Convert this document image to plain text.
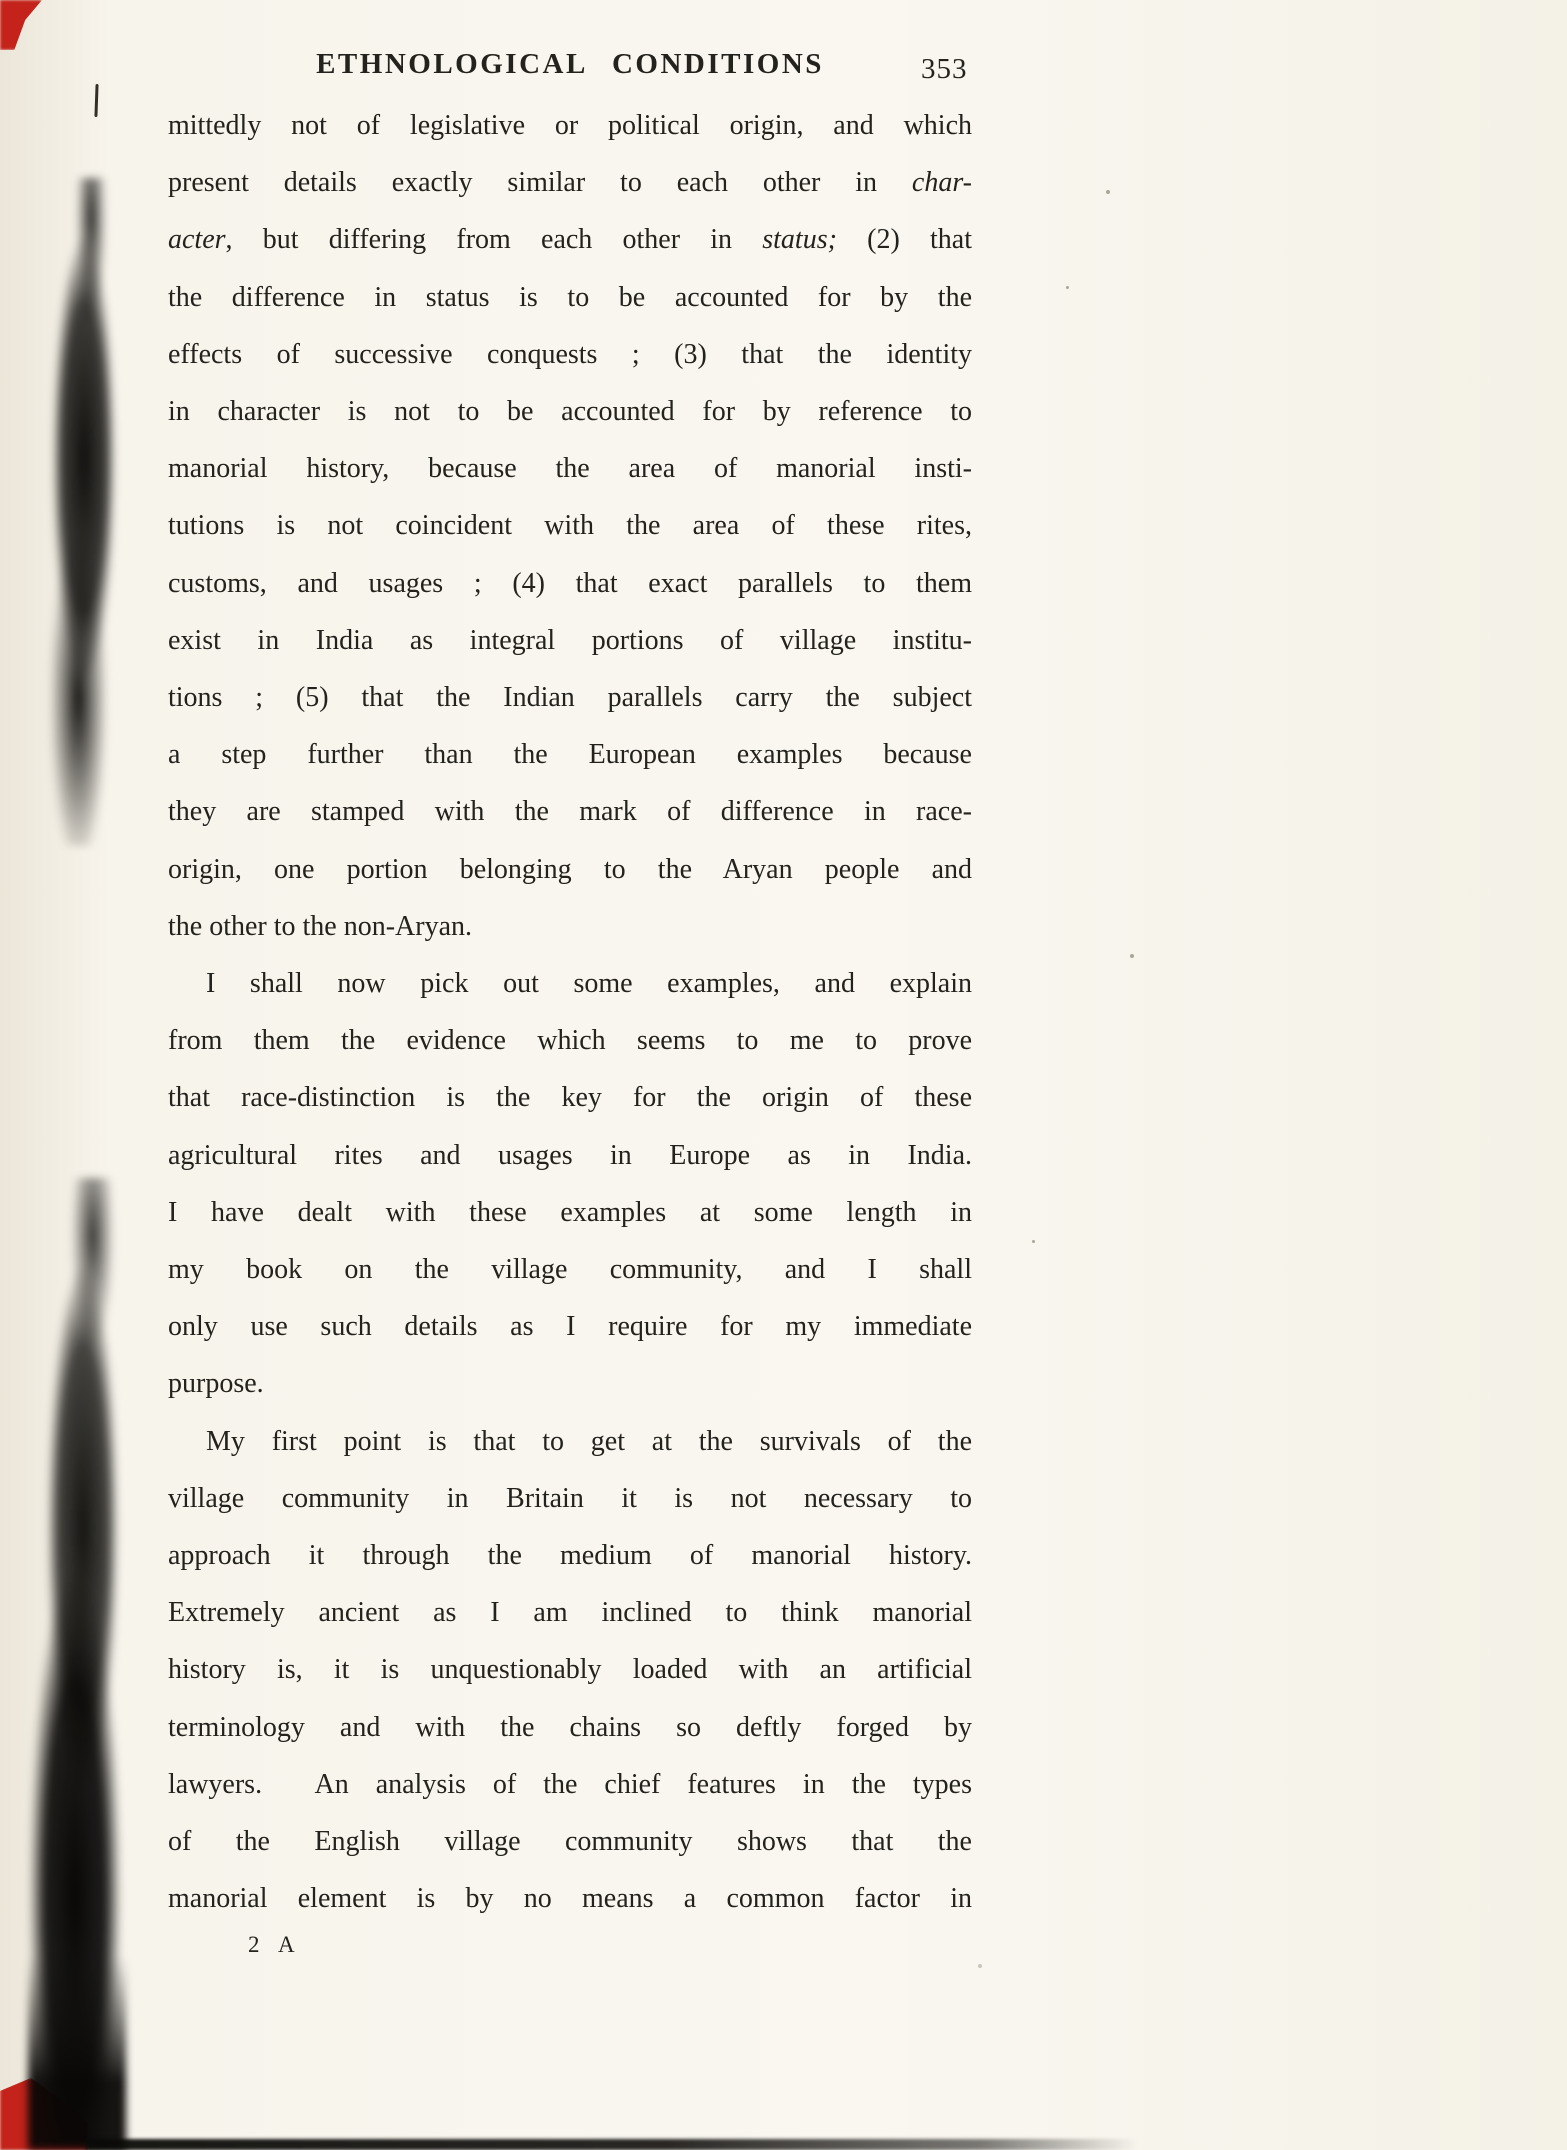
ETHNOLOGICAL CONDITIONS	353
mittedly not of legislative or political origin, and which
present details exactly similar to each other in char-
acter, but differing from each other in status; (2) that
the difference in status is to be accounted for by the
effects of successive conquests ; (3) that the identity
in character is not to be accounted for by reference to
manorial history, because the area of manorial insti-
tutions is not coincident with the area of these rites,
customs, and usages ; (4) that exact parallels to them
exist in India as integral portions of village institu-
tions ; (5) that the Indian parallels carry the subject
a step further than the European examples because
they are stamped with the mark of difference in race-
origin, one portion belonging to the Aryan people and
the other to the non-Aryan.
I shall now pick out some examples, and explain
from them the evidence which seems to me to prove
that race-distinction is the key for the origin of these
agricultural rites and usages in Europe as in India.
I have dealt with these examples at some length in
my book on the village community, and I shall
only use such details as I require for my immediate
purpose.
My first point is that to get at the survivals of the
village community in Britain it is not necessary to
approach it through the medium of manorial history.
Extremely ancient as I am inclined to think manorial
history is, it is unquestionably loaded with an artificial
terminology and with the chains so deftly forged by
lawyers.  An analysis of the chief features in the types
of the English village community shows that the
manorial element is by no means a common factor in
2 A
